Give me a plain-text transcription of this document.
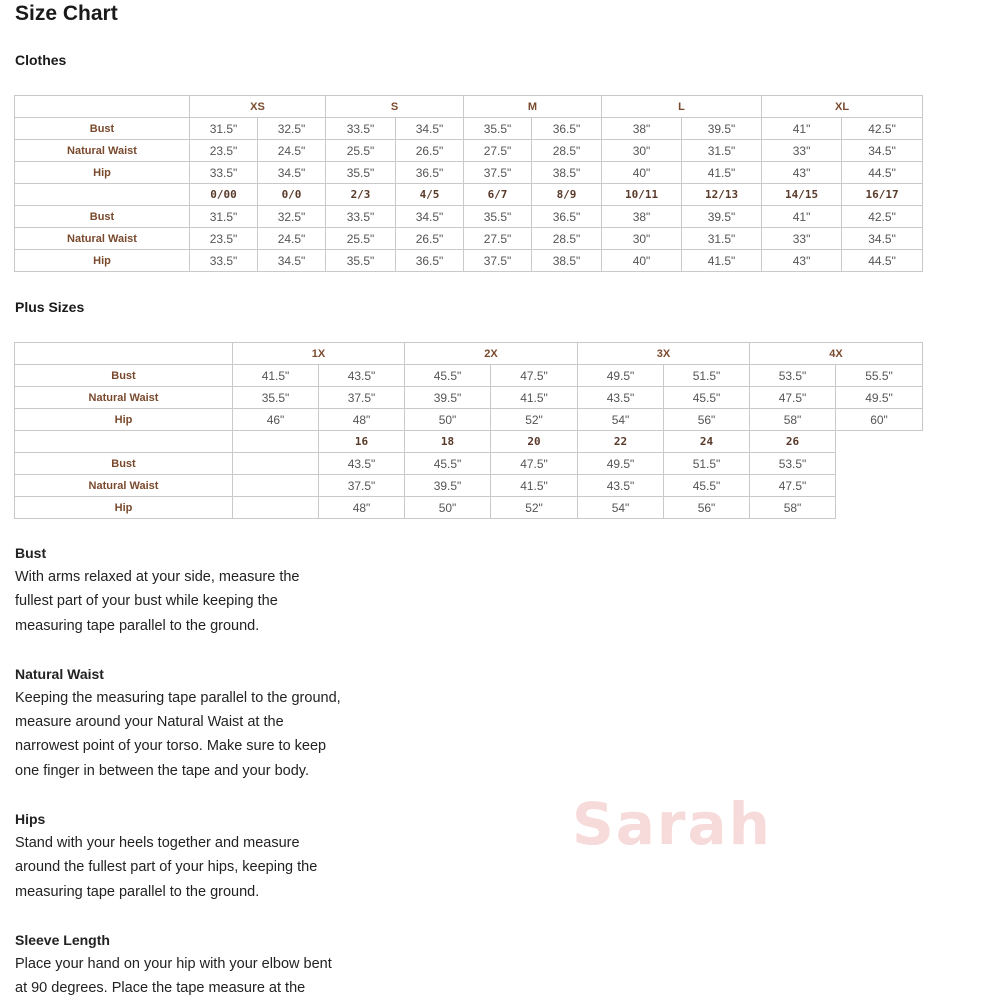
Size Chart
Clothes
	XS		S		M		L		XL	
Bust	31.5"	32.5"	33.5"	34.5"	35.5"	36.5"	38"	39.5"	41"	42.5"
Natural Waist	23.5"	24.5"	25.5"	26.5"	27.5"	28.5"	30"	31.5"	33"	34.5"
Hip	33.5"	34.5"	35.5"	36.5"	37.5"	38.5"	40"	41.5"	43"	44.5"
	0/00	0/0	2/3	4/5	6/7	8/9	10/11	12/13	14/15	16/17
Bust	31.5"	32.5"	33.5"	34.5"	35.5"	36.5"	38"	39.5"	41"	42.5"
Natural Waist	23.5"	24.5"	25.5"	26.5"	27.5"	28.5"	30"	31.5"	33"	34.5"
Hip	33.5"	34.5"	35.5"	36.5"	37.5"	38.5"	40"	41.5"	43"	44.5"
Plus Sizes
	1X		2X		3X		4X	
Bust	41.5"	43.5"	45.5"	47.5"	49.5"	51.5"	53.5"	55.5"
Natural Waist	35.5"	37.5"	39.5"	41.5"	43.5"	45.5"	47.5"	49.5"
Hip	46"	48"	50"	52"	54"	56"	58"	60"
		16	18	20	22	24	26	
Bust		43.5"	45.5"	47.5"	49.5"	51.5"	53.5"	
Natural Waist		37.5"	39.5"	41.5"	43.5"	45.5"	47.5"	
Hip		48"	50"	52"	54"	56"	58"	
Bust

With arms relaxed at your side, measure the

fullest part of your bust while keeping the

measuring tape parallel to the ground.

Natural Waist

Keeping the measuring tape parallel to the ground,

measure around your Natural Waist at the

narrowest point of your torso. Make sure to keep

one finger in between the tape and your body.

Hips

Stand with your heels together and measure

around the fullest part of your hips, keeping the

measuring tape parallel to the ground.

Sleeve Length

Place your hand on your hip with your elbow bent

at 90 degrees. Place the tape measure at the

Sarah
